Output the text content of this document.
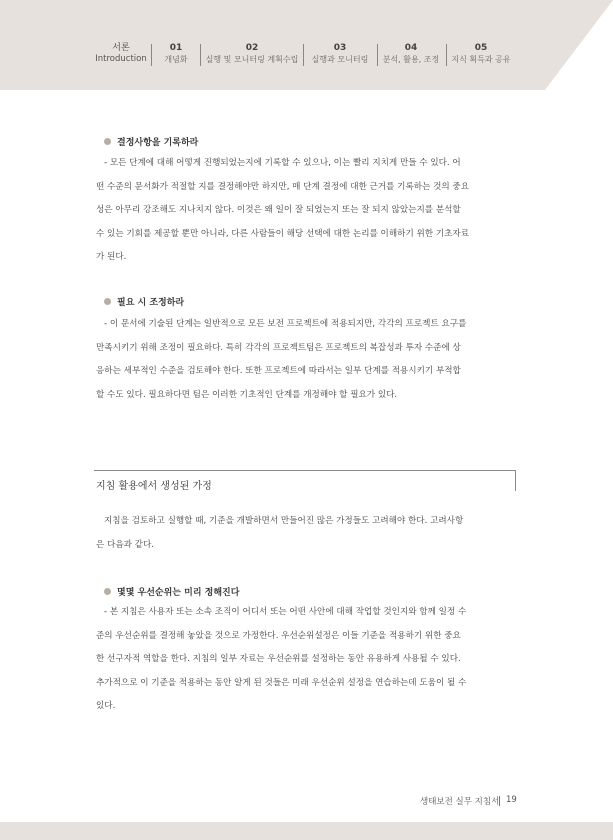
서론
Introduction
01
개념화
02
실행 및 모니터링 계획수립
03
실행과 모니터링
04
분석, 활용, 조정
05
지식 획득과 공유
결정사항을 기록하라
- 모든 단계에 대해 어떻게 진행되었는지에 기록할 수 있으나, 이는 빨리 지치게 만들 수 있다. 어
떤 수준의 문서화가 적절할 지를 결정해야만 하지만, 매 단계 결정에 대한 근거를 기록하는 것의 중요
성은 아무리 강조해도 지나치지 않다. 이것은 왜 일이 잘 되었는지 또는 잘 되지 않았는지를 분석할
수 있는 기회를 제공할 뿐만 아니라, 다른 사람들이 해당 선택에 대한 논리를 이해하기 위한 기초자료
가 된다.
필요 시 조정하라
- 이 문서에 기술된 단계는 일반적으로 모든 보전 프로젝트에 적용되지만, 각각의 프로젝트 요구를
만족시키기 위해 조정이 필요하다. 특히 각각의 프로젝트팀은 프로젝트의 복잡성과 투자 수준에 상
응하는 세부적인 수준을 검토해야 한다. 또한 프로젝트에 따라서는 일부 단계를 적용시키기 부적합
할 수도 있다. 필요하다면 팀은 이러한 기초적인 단계를 개정해야 할 필요가 있다.
지침 활용에서 생성된 가정
지침을 검토하고 실행할 때, 기준을 개발하면서 만들어진 많은 가정들도 고려해야 한다. 고려사항
은 다음과 같다.
몇몇 우선순위는 미리 정해진다
- 본 지침은 사용자 또는 소속 조직이 어디서 또는 어떤 사안에 대해 작업할 것인지와 함께 일정 수
준의 우선순위를 결정해 놓았을 것으로 가정한다. 우선순위설정은 이들 기준을 적용하기 위한 중요
한 선구자적 역할을 한다. 지침의 일부 자료는 우선순위를 설정하는 동안 유용하게 사용될 수 있다.
추가적으로 이 기준을 적용하는 동안 알게 된 것들은 미래 우선순위 설정을 연습하는데 도움이 될 수
있다.
생태보전 실무 지침서 19
